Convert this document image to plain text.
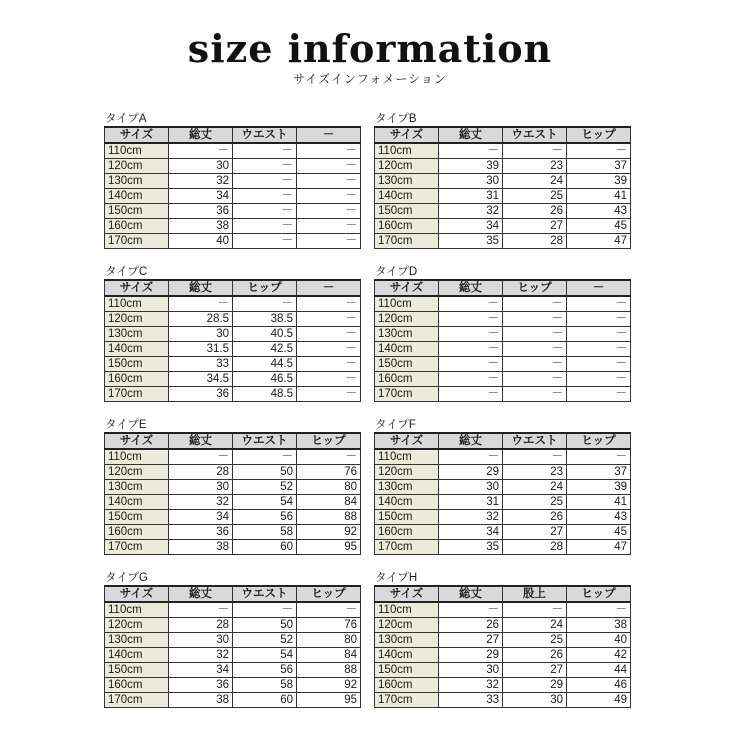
size information
サイズインフォメーション
タイプA
サイズ	総丈	ウエスト	－
110cm	－	－	－
120cm	30	－	－
130cm	32	－	－
140cm	34	－	－
150cm	36	－	－
160cm	38	－	－
170cm	40	－	－
タイプB
サイズ	総丈	ウエスト	ヒップ
110cm	－	－	－
120cm	39	23	37
130cm	30	24	39
140cm	31	25	41
150cm	32	26	43
160cm	34	27	45
170cm	35	28	47
タイプC
サイズ	総丈	ヒップ	－
110cm	－	－	－
120cm	28.5	38.5	－
130cm	30	40.5	－
140cm	31.5	42.5	－
150cm	33	44.5	－
160cm	34.5	46.5	－
170cm	36	48.5	－
タイプD
サイズ	総丈	ヒップ	－
110cm	－	－	－
120cm	－	－	－
130cm	－	－	－
140cm	－	－	－
150cm	－	－	－
160cm	－	－	－
170cm	－	－	－
タイプE
サイズ	総丈	ウエスト	ヒップ
110cm	－	－	－
120cm	28	50	76
130cm	30	52	80
140cm	32	54	84
150cm	34	56	88
160cm	36	58	92
170cm	38	60	95
タイプF
サイズ	総丈	ウエスト	ヒップ
110cm	－	－	－
120cm	29	23	37
130cm	30	24	39
140cm	31	25	41
150cm	32	26	43
160cm	34	27	45
170cm	35	28	47
タイプG
サイズ	総丈	ウエスト	ヒップ
110cm	－	－	－
120cm	28	50	76
130cm	30	52	80
140cm	32	54	84
150cm	34	56	88
160cm	36	58	92
170cm	38	60	95
タイプH
サイズ	総丈	股上	ヒップ
110cm	－	－	－
120cm	26	24	38
130cm	27	25	40
140cm	29	26	42
150cm	30	27	44
160cm	32	29	46
170cm	33	30	49
